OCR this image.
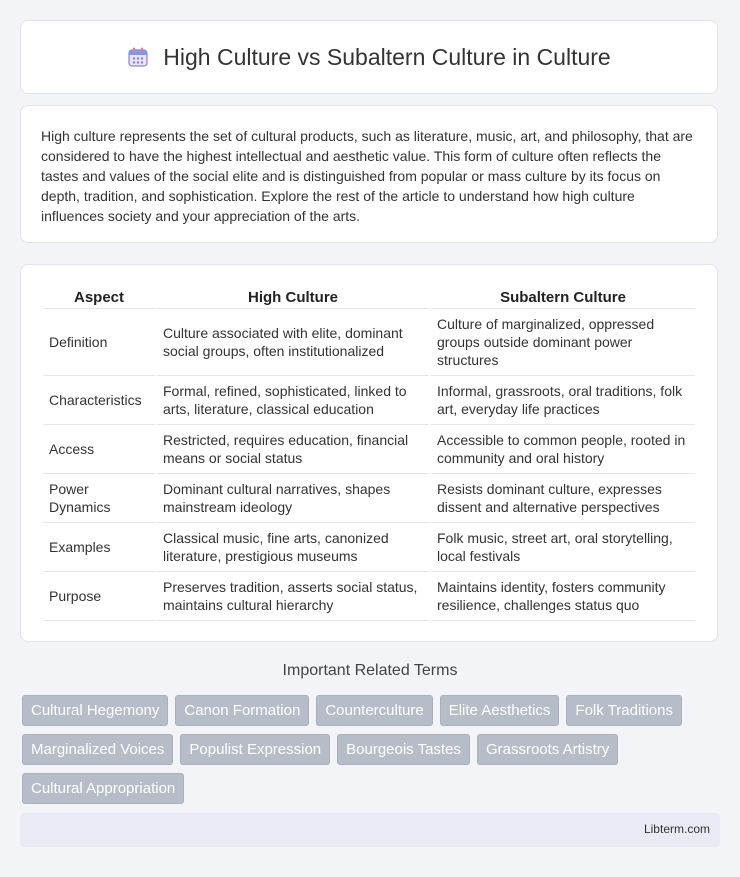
High Culture vs Subaltern Culture in Culture

High culture represents the set of cultural products, such as literature, music, art, and philosophy, that are considered to have the highest intellectual and aesthetic value. This form of culture often reflects the tastes and values of the social elite and is distinguished from popular or mass culture by its focus on depth, tradition, and sophistication. Explore the rest of the article to understand how high culture influences society and your appreciation of the arts.

Aspect	High Culture	Subaltern Culture
Definition	Culture associated with elite, dominant social groups, often institutionalized	Culture of marginalized, oppressed groups outside dominant power structures
Characteristics	Formal, refined, sophisticated, linked to arts, literature, classical education	Informal, grassroots, oral traditions, folk art, everyday life practices
Access	Restricted, requires education, financial means or social status	Accessible to common people, rooted in community and oral history
Power Dynamics	Dominant cultural narratives, shapes mainstream ideology	Resists dominant culture, expresses dissent and alternative perspectives
Examples	Classical music, fine arts, canonized literature, prestigious museums	Folk music, street art, oral storytelling, local festivals
Purpose	Preserves tradition, asserts social status, maintains cultural hierarchy	Maintains identity, fosters community resilience, challenges status quo
Important Related Terms
Cultural Hegemony	Canon Formation	Counterculture	Elite Aesthetics	Folk Traditions
Marginalized Voices	Populist Expression	Bourgeois Tastes	Grassroots Artistry
Cultural Appropriation
Libterm.com
